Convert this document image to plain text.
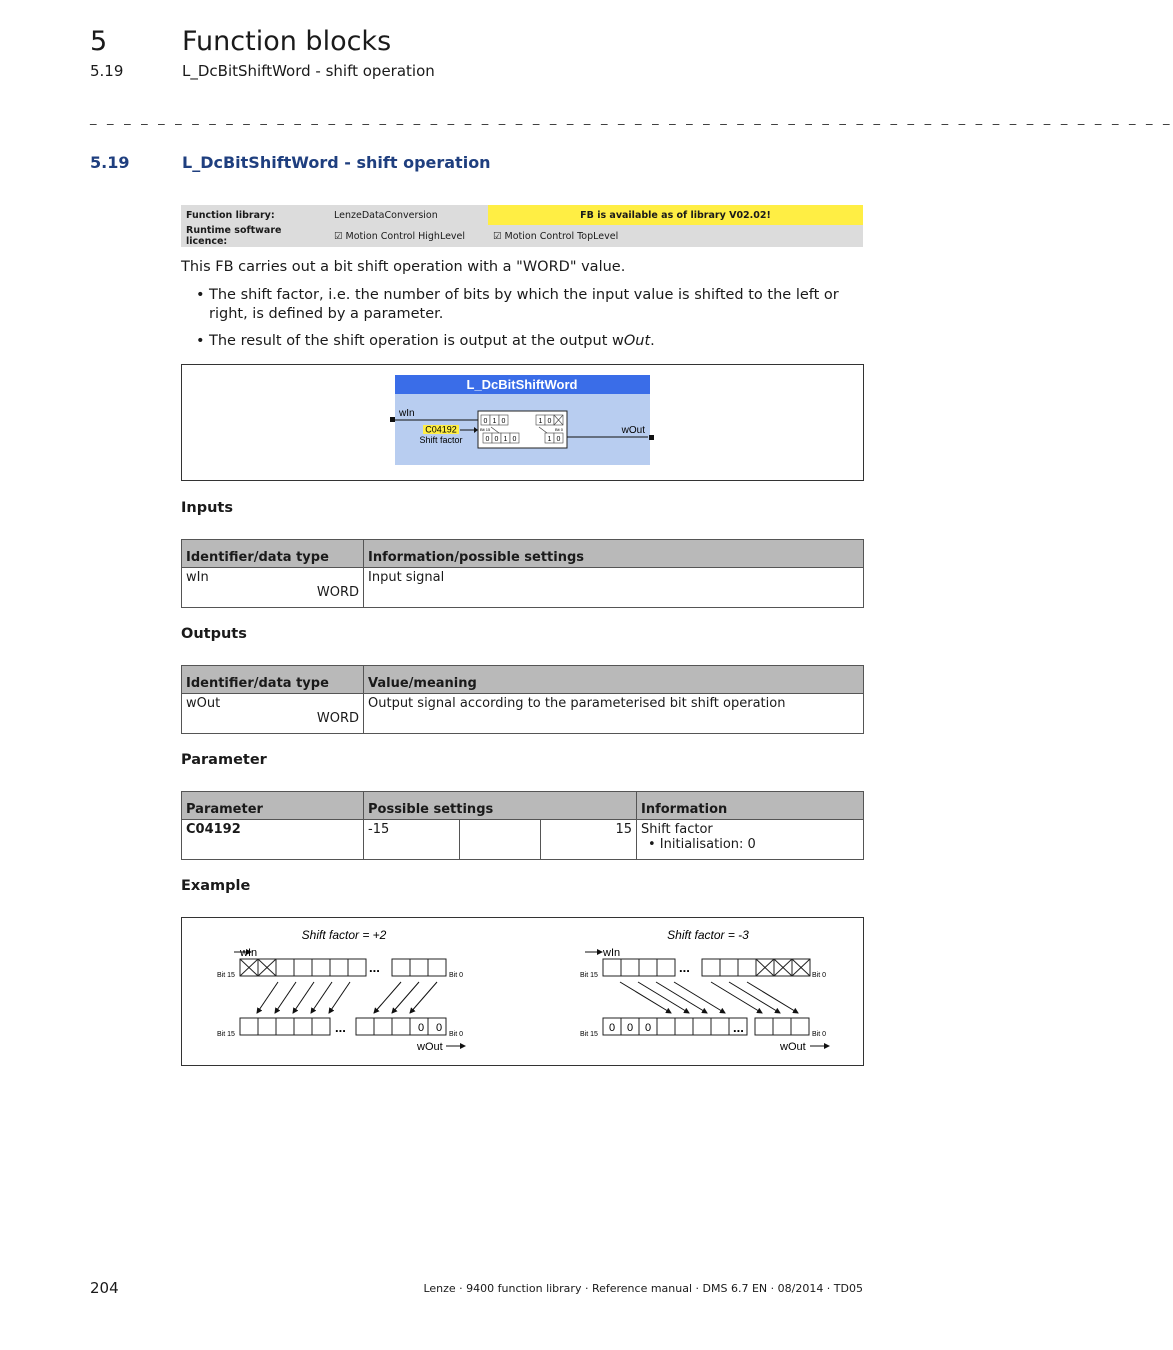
5	Function blocks
5.19	L_DcBitShiftWord - shift operation
_ _ _ _ _ _ _ _ _ _ _ _ _ _ _ _ _ _ _ _ _ _ _ _ _ _ _ _ _ _ _ _ _ _ _ _ _ _ _ _ _ _ _ _ _ _ _ _ _ _ _ _ _ _ _ _ _ _ _ _ _ _ _ _
5.19	L_DcBitShiftWord - shift operation
Function library:	LenzeDataConversion	FB is available as of library V02.02!
Runtime software licence:	☑ Motion Control HighLevel	☑ Motion Control TopLevel
This FB carries out a bit shift operation with a "WORD" value.
• The shift factor, i.e. the number of bits by which the input value is shifted to the left or right, is defined by a parameter.
• The result of the shift operation is output at the output wOut.
L_DcBitShiftWord
wIn
C04192
Shift factor
0 1 0	1 0
0 0 1 0	1 0
Bit 15	Bit 0	wOut
Inputs
Identifier/data type	Information/possible settings

wIn
WORD	Input signal
Outputs
Identifier/data type	Value/meaning

wOut
WORD	Output signal according to the parameterised bit shift operation
Parameter
Parameter	Possible settings			Information
C04192	-15		15	Shift factor
• Initialisation: 0
Example
Shift factor = +2
wIn
Bit 15	Bit 0
...
Bit 15	Bit 0
...	0 0
wOut
Shift factor = -3
wIn
Bit 15	Bit 0
...
Bit 15	Bit 0
...
0 0 0
wOut
204	Lenze · 9400 function library · Reference manual · DMS 6.7 EN · 08/2014 · TD05
